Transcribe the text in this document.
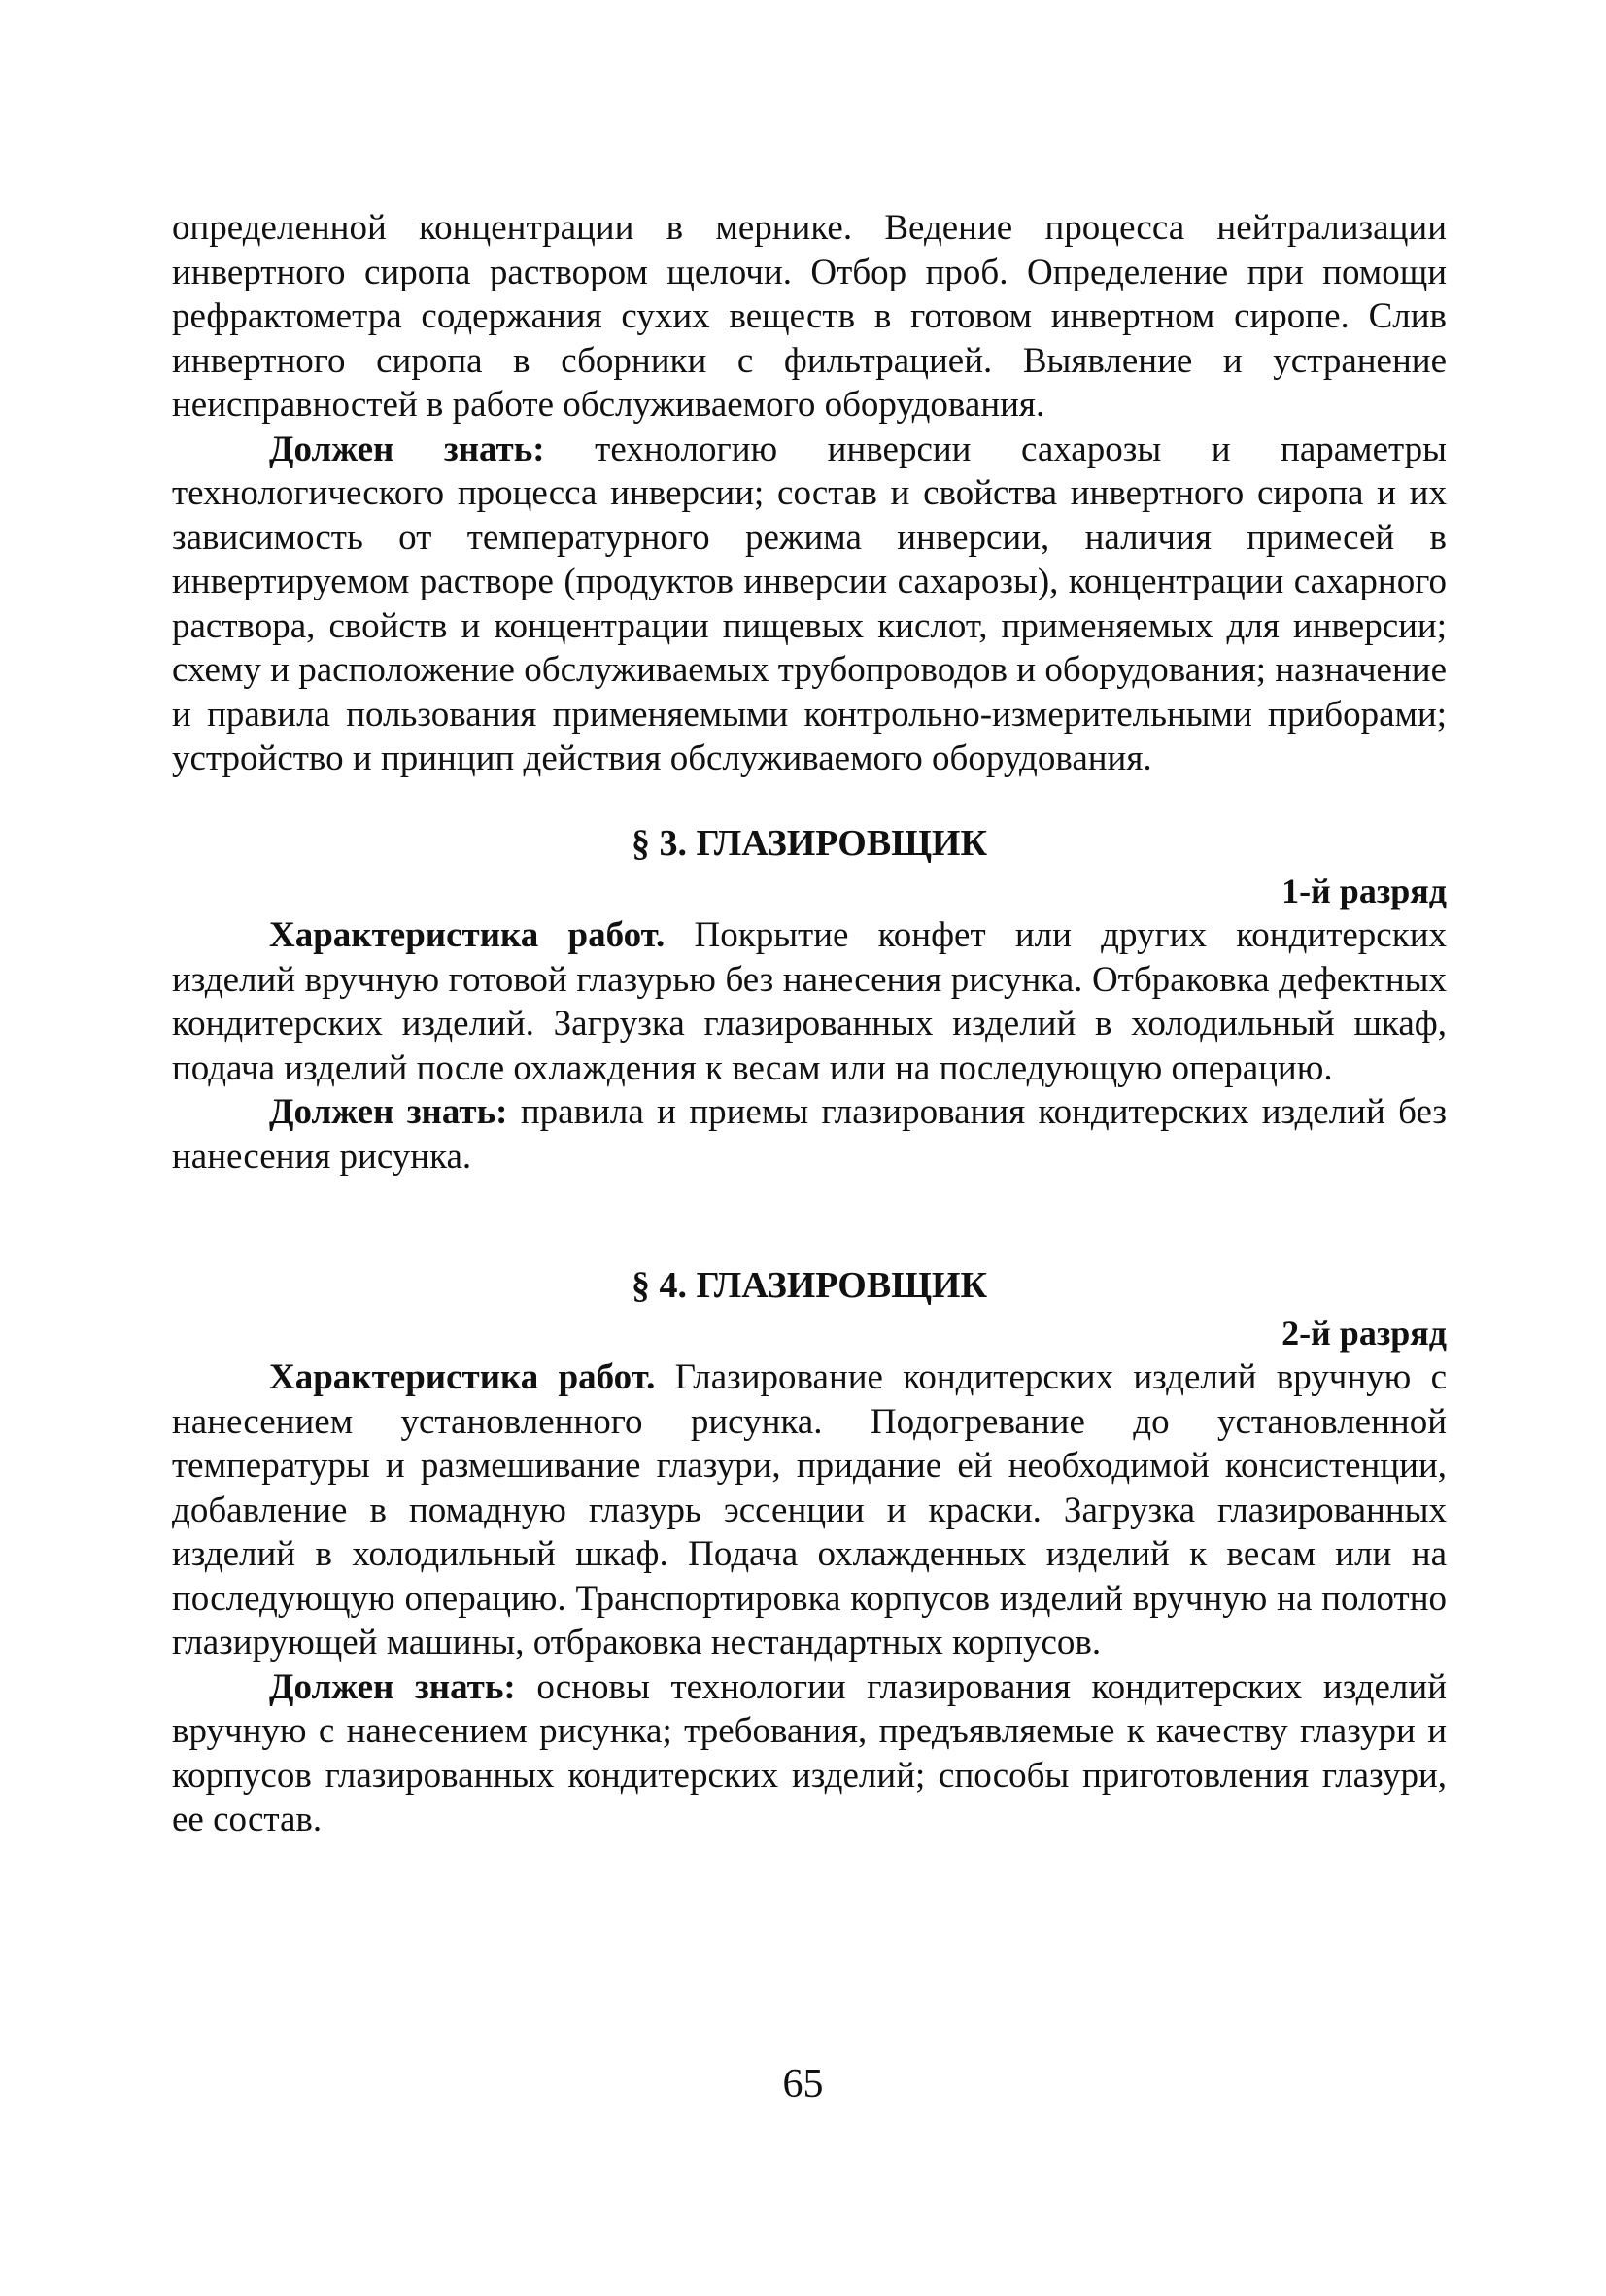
определенной концентрации в мернике. Ведение процесса нейтрализации инвертного сиропа раствором щелочи. Отбор проб. Определение при помощи рефрактометра содержания сухих веществ в готовом инвертном сиропе. Слив инвертного сиропа в сборники с фильтрацией. Выявление и устранение неисправностей в работе обслуживаемого оборудования.

Должен знать: технологию инверсии сахарозы и параметры технологического процесса инверсии; состав и свойства инвертного сиропа и их зависимость от температурного режима инверсии, наличия примесей в инвертируемом растворе (продуктов инверсии сахарозы), концентрации сахарного раствора, свойств и концентрации пищевых кислот, применяемых для инверсии; схему и расположение обслуживаемых трубопроводов и оборудования; назначение и правила пользования применяемыми контрольно-измерительными приборами; устройство и принцип действия обслуживаемого оборудования.

§ 3. ГЛАЗИРОВЩИК
1-й разряд

Характеристика работ. Покрытие конфет или других кондитерских изделий вручную готовой глазурью без нанесения рисунка. Отбраковка дефектных кондитерских изделий. Загрузка глазированных изделий в холодильный шкаф, подача изделий после охлаждения к весам или на последующую операцию.

Должен знать: правила и приемы глазирования кондитерских изделий без нанесения рисунка.

§ 4. ГЛАЗИРОВЩИК
2-й разряд

Характеристика работ. Глазирование кондитерских изделий вручную с нанесением установленного рисунка. Подогревание до установленной температуры и размешивание глазури, придание ей необходимой консистенции, добавление в помадную глазурь эссенции и краски. Загрузка глазированных изделий в холодильный шкаф. Подача охлажденных изделий к весам или на последующую операцию. Транспортировка корпусов изделий вручную на полотно глазирующей машины, отбраковка нестандартных корпусов.

Должен знать: основы технологии глазирования кондитерских изделий вручную с нанесением рисунка; требования, предъявляемые к качеству глазури и корпусов глазированных кондитерских изделий; способы приготовления глазури, ее состав.

65
